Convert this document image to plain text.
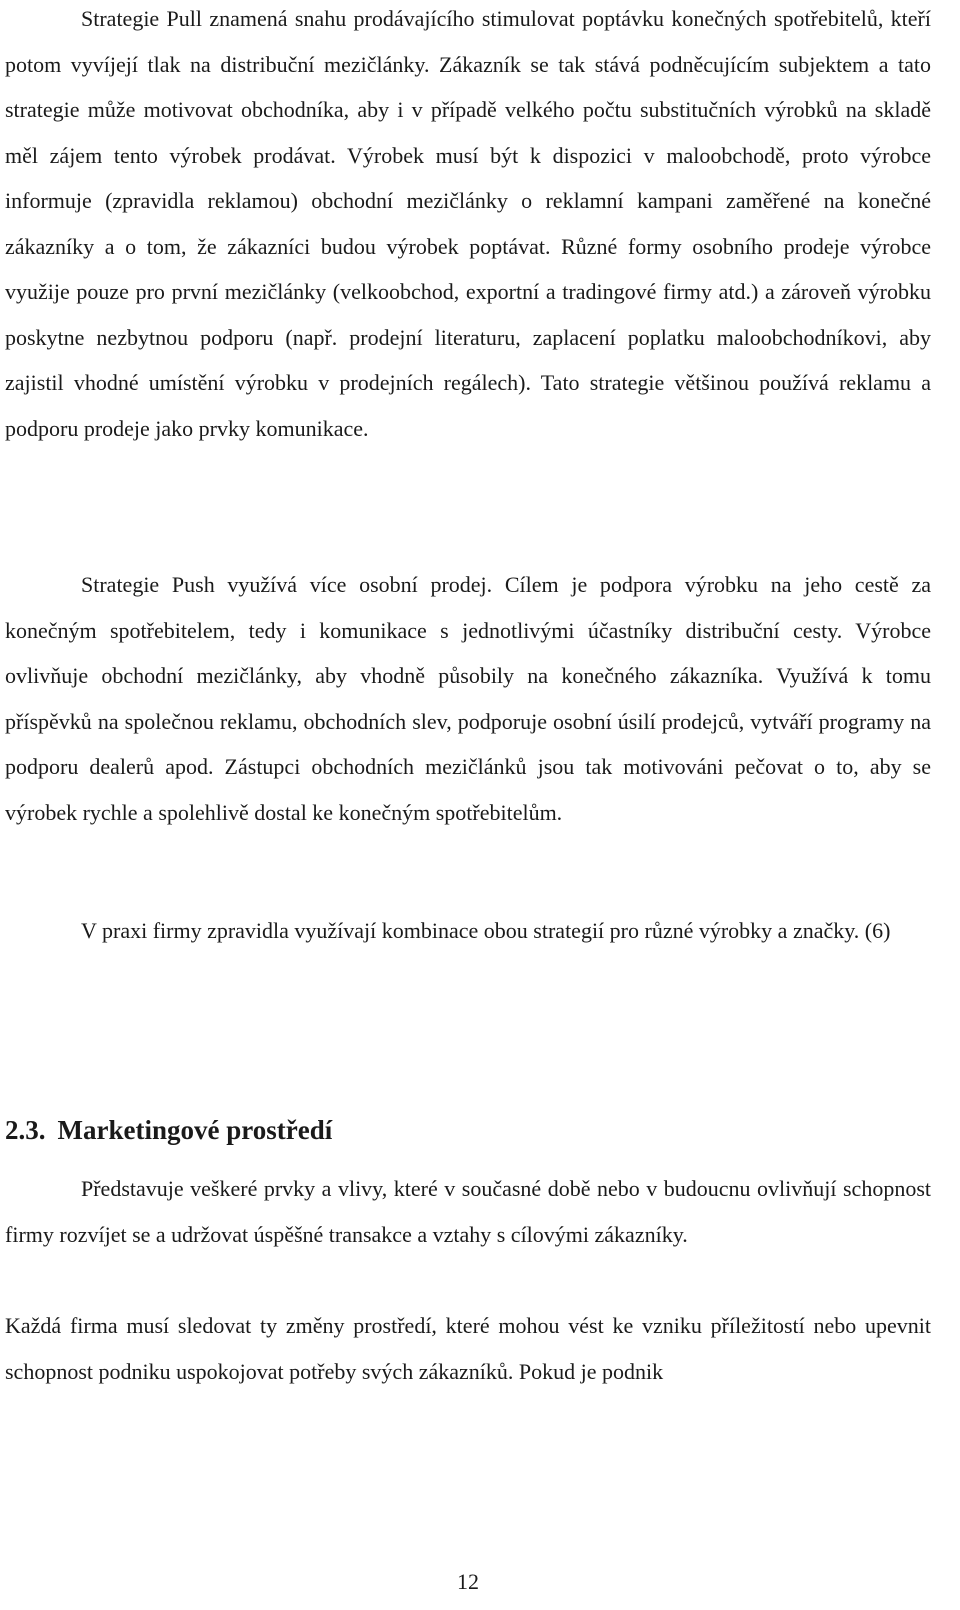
Strategie Pull znamená snahu prodávajícího stimulovat poptávku konečných spotřebitelů, kteří potom vyvíjejí tlak na distribuční mezičlánky. Zákazník se tak stává podněcujícím subjektem a tato strategie může motivovat obchodníka, aby i v případě velkého počtu substitučních výrobků na skladě měl zájem tento výrobek prodávat. Výrobek musí být k dispozici v maloobchodě, proto výrobce informuje (zpravidla reklamou) obchodní mezičlánky o reklamní kampani zaměřené na konečné zákazníky a o tom, že zákazníci budou výrobek poptávat. Různé formy osobního prodeje výrobce využije pouze pro první mezičlánky (velkoobchod, exportní a tradingové firmy atd.) a zároveň výrobku poskytne nezbytnou podporu (např. prodejní literaturu, zaplacení poplatku maloobchodníkovi, aby zajistil vhodné umístění výrobku v prodejních regálech). Tato strategie většinou používá reklamu a podporu prodeje jako prvky komunikace.

Strategie Push využívá více osobní prodej. Cílem je podpora výrobku na jeho cestě za konečným spotřebitelem, tedy i komunikace s jednotlivými účastníky distribuční cesty. Výrobce ovlivňuje obchodní mezičlánky, aby vhodně působily na konečného zákazníka. Využívá k tomu příspěvků na společnou reklamu, obchodních slev, podporuje osobní úsilí prodejců, vytváří programy na podporu dealerů apod. Zástupci obchodních mezičlánků jsou tak motivováni pečovat o to, aby se výrobek rychle a spolehlivě dostal ke konečným spotřebitelům.

V praxi firmy zpravidla využívají kombinace obou strategií pro různé výrobky a značky. (6)

2.3. Marketingové prostředí

Představuje veškeré prvky a vlivy, které v současné době nebo v budoucnu ovlivňují schopnost firmy rozvíjet se a udržovat úspěšné transakce a vztahy s cílovými zákazníky.

Každá firma musí sledovat ty změny prostředí, které mohou vést ke vzniku příležitostí nebo upevnit schopnost podniku uspokojovat potřeby svých zákazníků. Pokud je podnik

12
